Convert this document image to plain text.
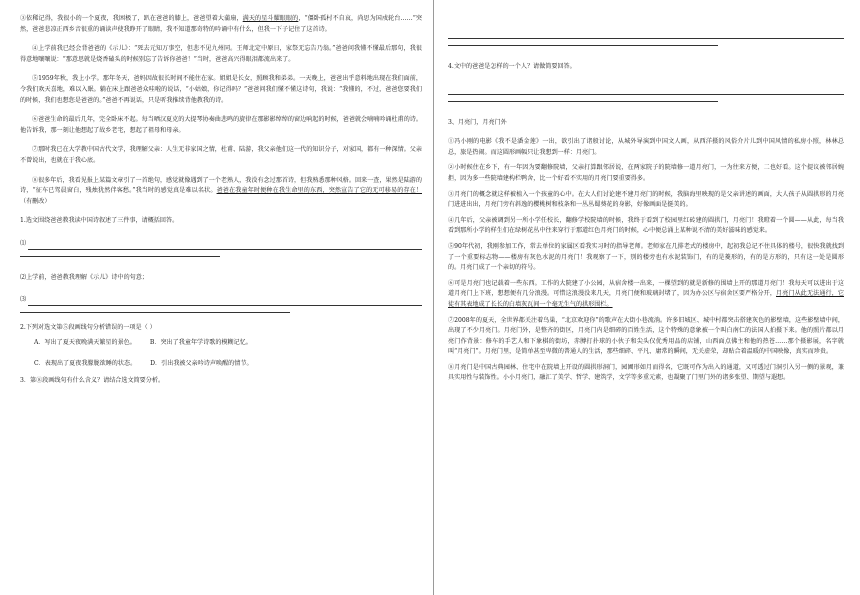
③依稀记得，我很小的一个夏夜，我困极了，趴在爸爸的膝上，爸爸望着大蒲扇，满天的星斗耀眼眼的，“僵卧孤村不自哀，尚思为国戍轮台……”突然，爸爸悲凉正西乡音很重的诵读声使我睁开了眼睛，我不知道那奇特的吟诵中有什么，但我一下子记住了这首诗。

④上学前我已经会背爸爸的《示儿》：“死去元知万事空，但悲不见九州同。王师北定中原日，家祭无忘告乃翁。”爸爸问我懂不懂最后那句，我很得意地嚷嚷说：“那意思就是烧香磕头的时候别忘了告诉你爸爸！”当时，爸爸高兴得眼泪都流出来了。

⑤1959年秋，我上小学。那年冬天，爸妈因故很长时间不能住在家。姐姐是长女，照顾我和弟弟。一天晚上，爸爸出乎意料地出现在我们面前，令我们欢天喜地，难以入眠。躺在床上跟爸爸众哇啦的说话，“小姑娘，你记得吗？”爸爸问我们懂不懂这诗句，我说：“我懂的，不过，爸爸您要我们的时候，我们也想您是爸爸的。”爸爸不再说话，只是听我推续背他教我的诗。

⑥爸爸生命的最后几年，完全卧床不起。每当晒汉夏克的大提琴协奏曲悲鸣的旋律在那影影绰绰的窗边响起的时候，爸爸就会喃喃吟诵杜甫的诗。他告诉我，那一刻让他想起了故乡老宅，想起了祖母和母亲。

⑦那时我已在大学教中国古代文学，我理解父亲：人生无非家国之情，杜甫、陆游，我父亲他们这一代的知识分子，对家国，都有一种深情。父亲不曾说出，也就在于我心底。

⑧很多年后，我看见报上某篇文章引了一首绝句，感觉就像遇到了一个老熟人，我没有念过那首诗，但我熟悉那种风格。回来一查，果然是陆游的诗，“征车已驾晨窗白，残烛犹然伴客愁。”我当时的感觉真是难以名状。爸爸在我童年时便种在我生命里的东西，突然宣告了它的无可移易的存在！（有删改）

1.选文围绕爸爸教我读中国诗叙述了三件事，请概括回答。

⑴

⑵上学前，爸爸教我理解《示儿》诗中的句意；

⑶

2.下列对选文第⑤段画线句分析错误的一项是（ ）

A．写出了夏天夜晚满天繁星的景色。 B．突出了我童年学诗歌的模糊记忆。
C．表现出了夏夜我朦胧欲睡的状态。 D．引出我被父亲吟诗声唤醒的情节。

3．第⑧段画线句有什么含义？请结合选文简要分析。

4.文中的爸爸是怎样的一个人？请做简要回答。

3、月亮门，月亮门外

①冯小刚的电影《我不是潘金莲》一出，欲引出了诸般讨论，从城外导演到中国文人画，从西洋摄的风俗介片儿到中国风情的私房小照，林林总总，旅是热闹。而这圆形画幅只让我想到一样：月亮门。

②小时候住在乡下，有一年因为要翻修院墙，父亲打算跟邻居说，在两家院子的院墙修一道月亮门，一为往来方便，二也好看。这个提议被邻居婉拒，因为多一些院墙建构栏鸭舍，比一个好看不实用的月亮门要重要得多。

③月亮门的概念就这样被植入一个孩童的心中。在大人们讨论建不建月亮门的时候，我脑海里映现的是父亲讲述的画面，大人孩子从圆拱形的月亮门进进出出，月亮门旁有斜逸的樱桃树和枝条和一丛丛蜀葵花的身影，好像画面是挺美的。

④几年后，父亲被调到另一所小学任校长，翻修学校院墙的时候，我终于看到了校园里红砖建的圆拱门，月亮门！我瞪着一个圆——从此，每当我看到那所小学的样生们在绿树花丛中往来穿行于那道红色月亮门的时候，心中便总涌上某种说不清的美好滋味的感觉来。

⑤90年代初，我刚参加工作，常去单位的家属区看我实习时的指导老师。老师家在几排老式的楼房中，起初我总记不住具体的楼号，很快我就找到了一个重要标志物——楼房有灰色水泥的月亮门！我观察了一下，别的楼旁也有水泥装饰门，有的是菱形的，有的是方形的，只有这一处是圆形的。月亮门成了一个亲切的符号。

⑥可是月亮门也记载着一些东西。工作的大院建了小公园，从宿舍楼一出来，一棵望到的就是新修的围墙上开的那道月亮门！我每天可以进出于这道月亮门上下班，想想便有几分浪漫。可惜这浪漫没来几天，月亮门便和玻璃封堵了，因为办公区与宿舍区要严格分开，月亮门从此无法通行，它徒有其表地成了长长的白墙灰瓦间一个毫无生气的拱形围栏。

⑦2008年的夏天，全世界都关注着鸟巢，“北京欢迎你”的歌声在大街小巷流淌。许多旧城区、城中村都突击搭建灰色的影壁墙，这些影壁墙中间，出现了不少月亮门。月亮门外，是整齐的街区，月亮门内是细碎的百姓生活，这个特殊的意象被一个叫白南仁的法国人拍摄下来。他的照片都以月亮门作背景：修车的手艺人和下象棋的街坊，赤膊打扑球的小伙子和尖头仅优秀用品的店铺，山西面点佛主和他的热苍……那个摄影展，名字就叫“月亮门”。月亮门里，是简单甚至卑微的普通人的生活，那些细碎、平凡、庸常的瞬间，无关虚荣，却贴合着温暖的中国映像，真实而珍贵。

⑧月亮门是中国古典园林、住宅中在院墙上开设的圆拱形洞门，园圃形如月而得名，它既可作为出入的通道，又可透过门洞引入另一侧的景观，兼具实用性与装饰性。小小月亮门，融汇了美学、哲学、建筑学，文学等多重元素，也凝聚了门里门外的诸多张望、期望与遐想。
